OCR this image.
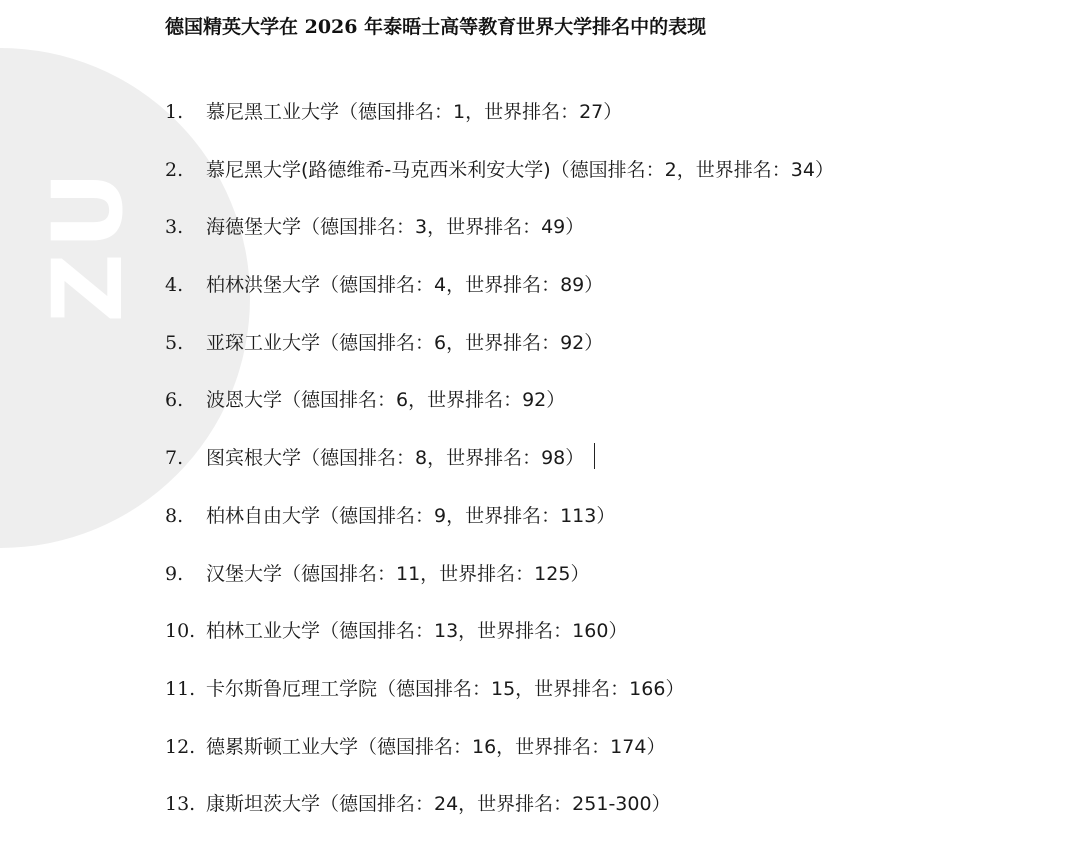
ZU
德国精英大学在 2026 年泰晤士高等教育世界大学排名中的表现
1.	慕尼黑工业大学（德国排名：1，世界排名：27）
2.	慕尼黑大学(路德维希-马克西米利安大学)（德国排名：2，世界排名：34）
3.	海德堡大学（德国排名：3，世界排名：49）
4.	柏林洪堡大学（德国排名：4，世界排名：89）
5.	亚琛工业大学（德国排名：6，世界排名：92）
6.	波恩大学（德国排名：6，世界排名：92）
7.	图宾根大学（德国排名：8，世界排名：98）
8.	柏林自由大学（德国排名：9，世界排名：113）
9.	汉堡大学（德国排名：11，世界排名：125）
10. 柏林工业大学（德国排名：13，世界排名：160）
11. 卡尔斯鲁厄理工学院（德国排名：15，世界排名：166）
12. 德累斯顿工业大学（德国排名：16，世界排名：174）
13. 康斯坦茨大学（德国排名：24，世界排名：251-300）
